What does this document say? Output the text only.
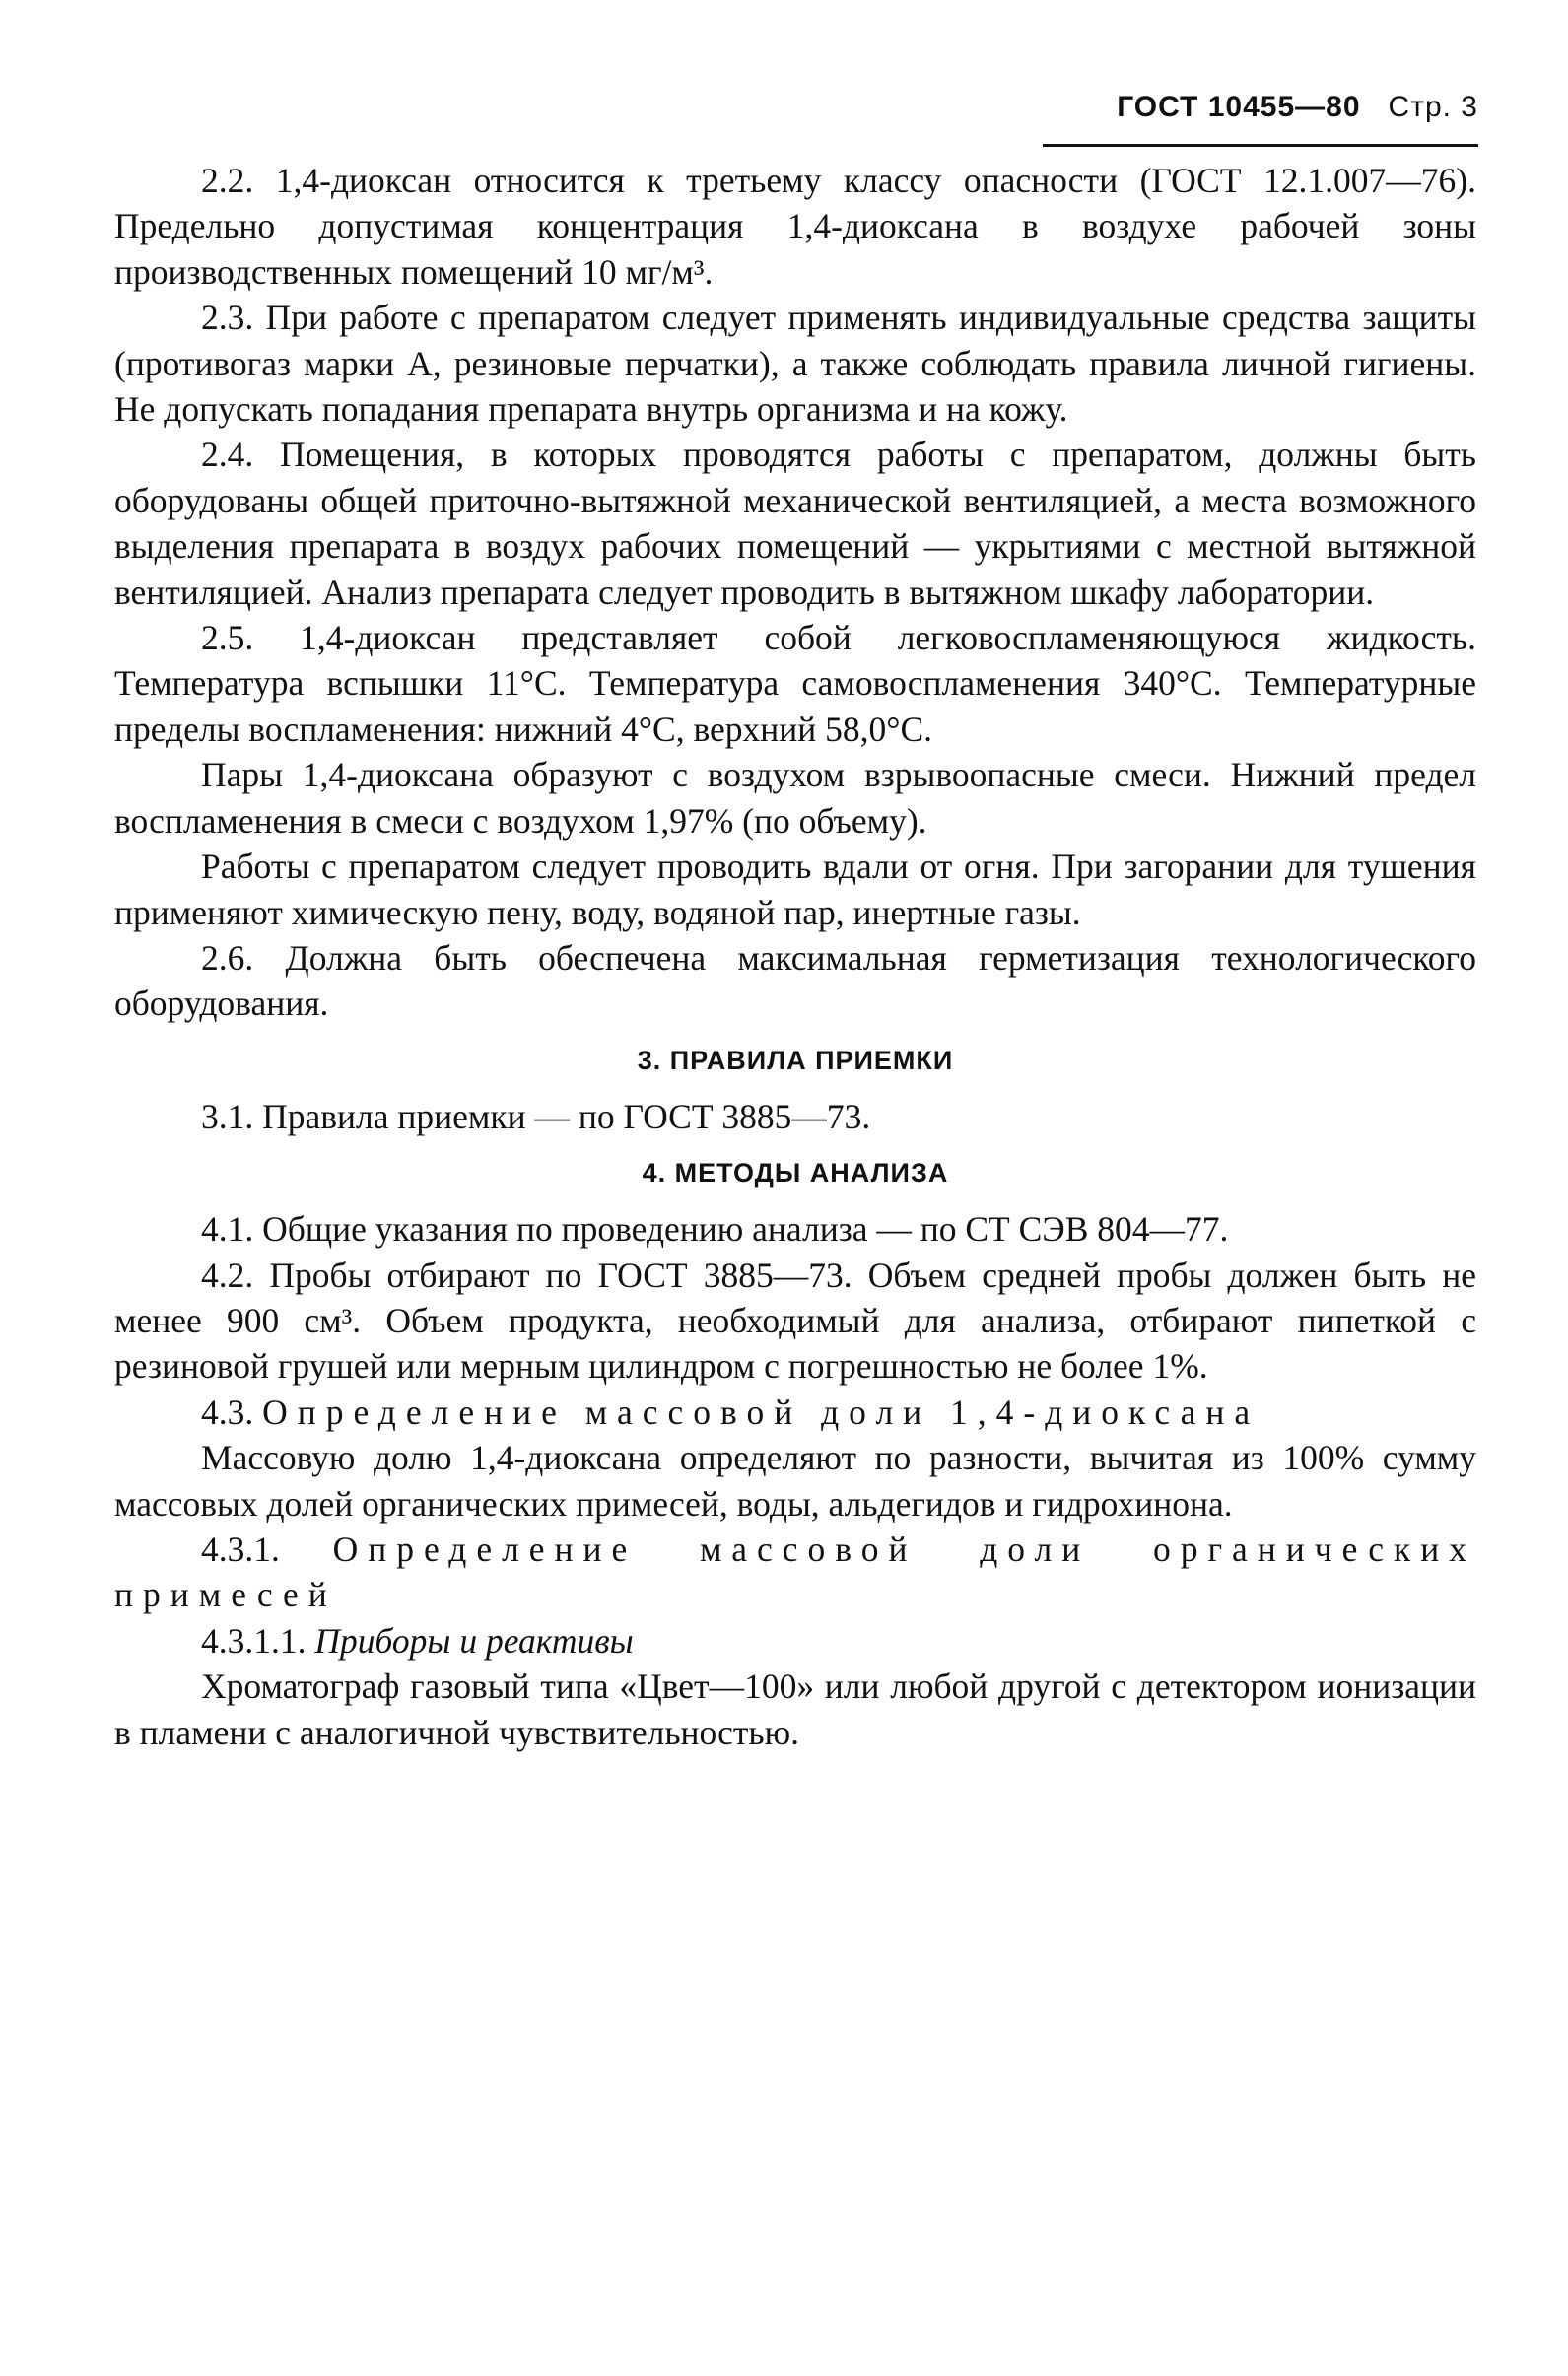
ГОСТ 10455—80 Стр. 3

2.2. 1,4-диоксан относится к третьему классу опасности (ГОСТ 12.1.007—76). Предельно допустимая концентрация 1,4-диоксана в воздухе рабочей зоны производственных помещений 10 мг/м³.

2.3. При работе с препаратом следует применять индивидуальные средства защиты (противогаз марки А, резиновые перчатки), а также соблюдать правила личной гигиены. Не допускать попадания препарата внутрь организма и на кожу.

2.4. Помещения, в которых проводятся работы с препаратом, должны быть оборудованы общей приточно-вытяжной механической вентиляцией, а места возможного выделения препарата в воздух рабочих помещений — укрытиями с местной вытяжной вентиляцией. Анализ препарата следует проводить в вытяжном шкафу лаборатории.

2.5. 1,4-диоксан представляет собой легковоспламеняющуюся жидкость. Температура вспышки 11°С. Температура самовоспламенения 340°С. Температурные пределы воспламенения: нижний 4°С, верхний 58,0°С.

Пары 1,4-диоксана образуют с воздухом взрывоопасные смеси. Нижний предел воспламенения в смеси с воздухом 1,97% (по объему).

Работы с препаратом следует проводить вдали от огня. При загорании для тушения применяют химическую пену, воду, водяной пар, инертные газы.

2.6. Должна быть обеспечена максимальная герметизация технологического оборудования.

3. ПРАВИЛА ПРИЕМКИ

3.1. Правила приемки — по ГОСТ 3885—73.

4. МЕТОДЫ АНАЛИЗА

4.1. Общие указания по проведению анализа — по СТ СЭВ 804—77.

4.2. Пробы отбирают по ГОСТ 3885—73. Объем средней пробы должен быть не менее 900 см³. Объем продукта, необходимый для анализа, отбирают пипеткой с резиновой грушей или мерным цилиндром с погрешностью не более 1%.

4.3. Определение массовой доли 1,4-диоксана

Массовую долю 1,4-диоксана определяют по разности, вычитая из 100% сумму массовых долей органических примесей, воды, альдегидов и гидрохинона.

4.3.1. Определение массовой доли органических примесей

4.3.1.1. Приборы и реактивы

Хроматограф газовый типа «Цвет—100» или любой другой с детектором ионизации в пламени с аналогичной чувствительностью.
